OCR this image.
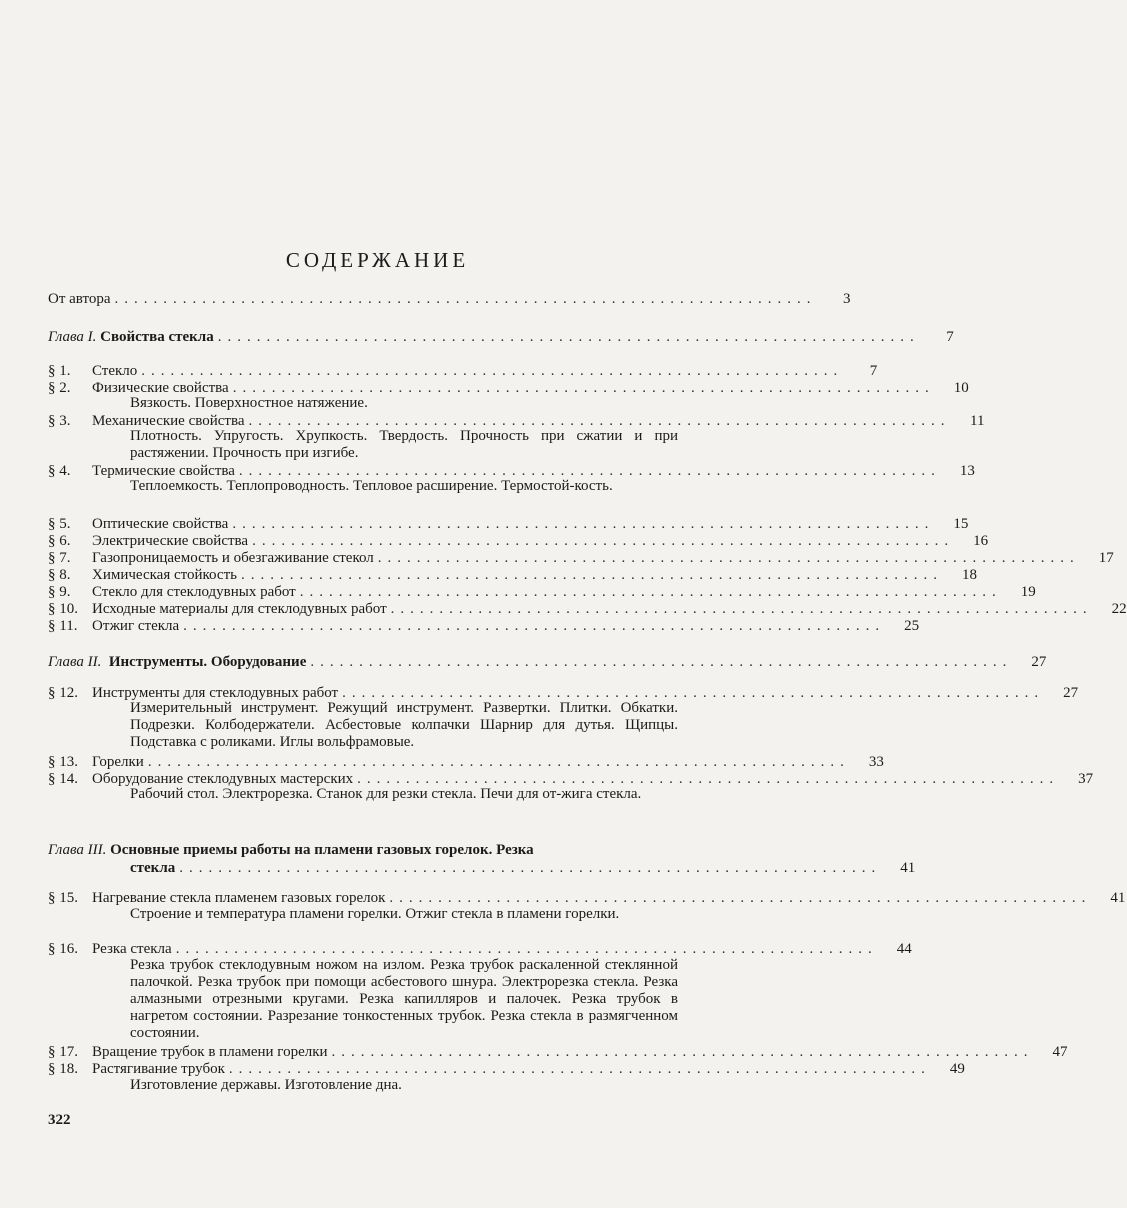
СОДЕРЖАНИЕ
От автора ........................................................................	3
Глава I. Свойства стекла ........................................................................	7
§ 1.	Стекло ........................................................................	7
§ 2.	Физические свойства ........................................................................	10
Вязкость. Поверхностное натяжение.
§ 3.	Механические свойства ........................................................................	11
Плотность. Упругость. Хрупкость. Твердость. Прочность при сжатии и при растяжении. Прочность при изгибе.
§ 4.	Термические свойства ........................................................................	13
Теплоемкость. Теплопроводность. Тепловое расширение. Термостой-кость.
§ 5.	Оптические свойства ........................................................................	15
§ 6.	Электрические свойства ........................................................................	16
§ 7.	Газопроницаемость и обезгаживание стекол ........................................................................	17
§ 8.	Химическая стойкость ........................................................................	18
§ 9.	Стекло для стеклодувных работ ........................................................................	19
§ 10. Исходные материалы для стеклодувных работ ........................................................................	22
§ 11. Отжиг стекла ........................................................................	25
Глава II. Инструменты. Оборудование ........................................................................	27
§ 12. Инструменты для стеклодувных работ ........................................................................	27
Измерительный инструмент. Режущий инструмент. Развертки. Плитки. Обкатки. Подрезки. Колбодержатели. Асбестовые колпачки Шарнир для дутья. Щипцы. Подставка с роликами. Иглы вольфрамовые.
§ 13. Горелки ........................................................................	33
§ 14. Оборудование стеклодувных мастерских ........................................................................	37
Рабочий стол. Электрорезка. Станок для резки стекла. Печи для от-жига стекла.
Глава III. Основные приемы работы на пламени газовых горелок. Резка
стекла ........................................................................	41
§ 15. Нагревание стекла пламенем газовых горелок ........................................................................	41
Строение и температура пламени горелки. Отжиг стекла в пламени горелки.
§ 16. Резка стекла ........................................................................	44
Резка трубок стеклодувным ножом на излом. Резка трубок раскаленной стеклянной палочкой. Резка трубок при помощи асбестового шнура. Электрорезка стекла. Резка алмазными отрезными кругами. Резка капилляров и палочек. Резка трубок в нагретом состоянии. Разрезание тонкостенных трубок. Резка стекла в размягченном состоянии.
§ 17. Вращение трубок в пламени горелки ........................................................................	47
§ 18. Растягивание трубок ........................................................................	49
Изготовление державы. Изготовление дна.
322
